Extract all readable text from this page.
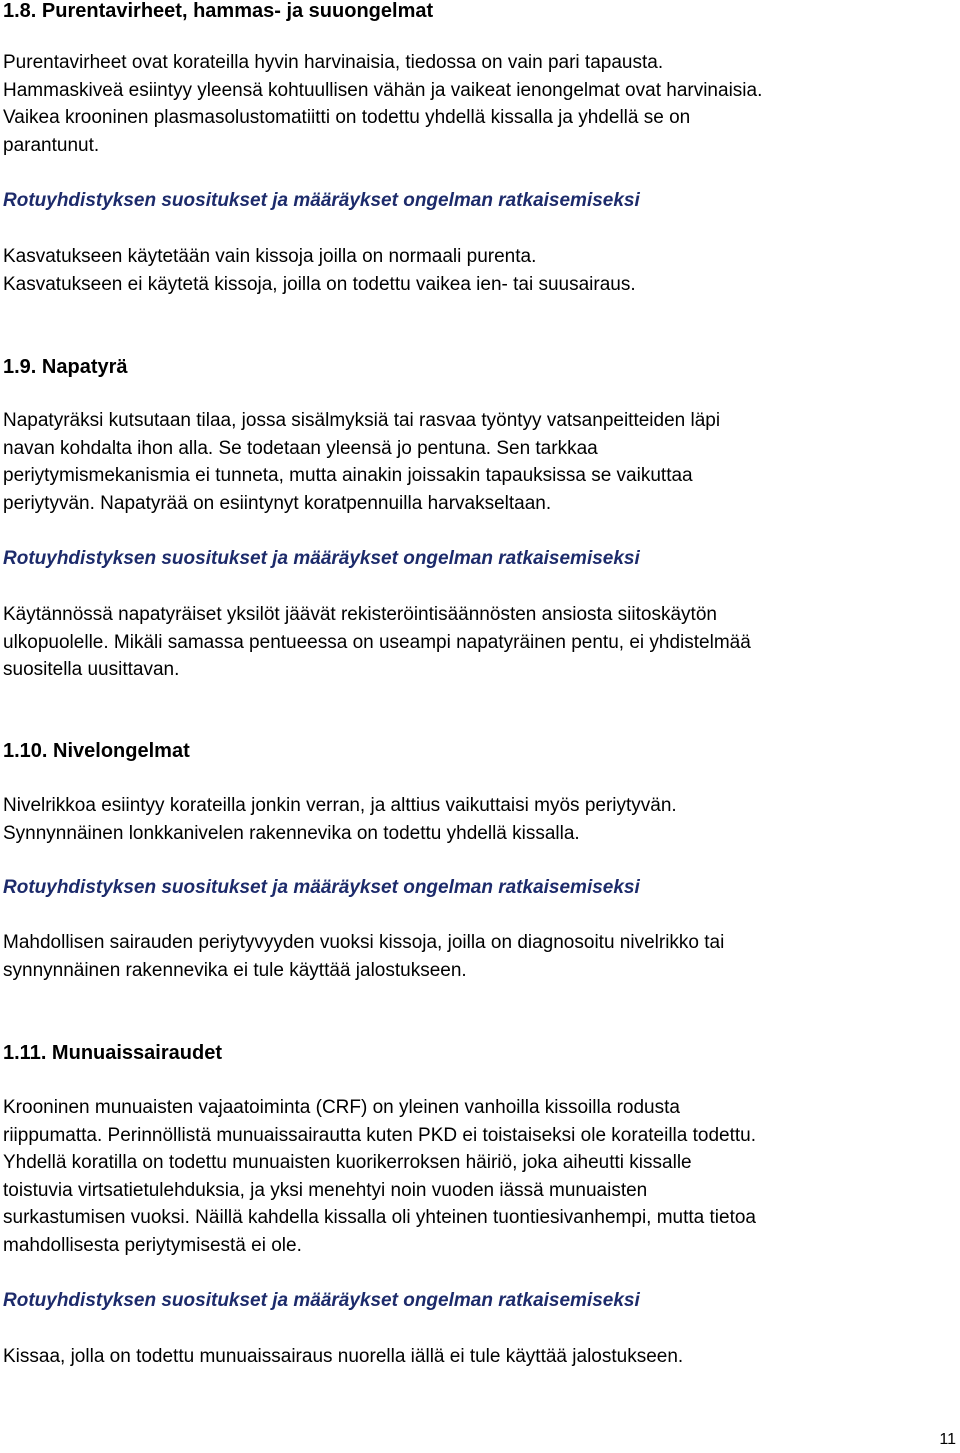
1.8. Purentavirheet, hammas- ja suuongelmat

Purentavirheet ovat korateilla hyvin harvinaisia, tiedossa on vain pari tapausta.

Hammaskiveä esiintyy yleensä kohtuullisen vähän ja vaikeat ienongelmat ovat harvinaisia.

Vaikea krooninen plasmasolustomatiitti on todettu yhdellä kissalla ja yhdellä se on

parantunut.

Rotuyhdistyksen suositukset ja määräykset ongelman ratkaisemiseksi

Kasvatukseen käytetään vain kissoja joilla on normaali purenta.

Kasvatukseen ei käytetä kissoja, joilla on todettu vaikea ien- tai suusairaus.

1.9. Napatyrä

Napatyräksi kutsutaan tilaa, jossa sisälmyksiä tai rasvaa työntyy vatsanpeitteiden läpi

navan kohdalta ihon alla. Se todetaan yleensä jo pentuna. Sen tarkkaa

periytymismekanismia ei tunneta, mutta ainakin joissakin tapauksissa se vaikuttaa

periytyvän. Napatyrää on esiintynyt koratpennuilla harvakseltaan.

Rotuyhdistyksen suositukset ja määräykset ongelman ratkaisemiseksi

Käytännössä napatyräiset yksilöt jäävät rekisteröintisäännösten ansiosta siitoskäytön

ulkopuolelle. Mikäli samassa pentueessa on useampi napatyräinen pentu, ei yhdistelmää

suositella uusittavan.

1.10. Nivelongelmat

Nivelrikkoa esiintyy korateilla jonkin verran, ja alttius vaikuttaisi myös periytyvän.

Synnynnäinen lonkkanivelen rakennevika on todettu yhdellä kissalla.

Rotuyhdistyksen suositukset ja määräykset ongelman ratkaisemiseksi

Mahdollisen sairauden periytyvyyden vuoksi kissoja, joilla on diagnosoitu nivelrikko tai

synnynnäinen rakennevika ei tule käyttää jalostukseen.

1.11. Munuaissairaudet

Krooninen munuaisten vajaatoiminta (CRF) on yleinen vanhoilla kissoilla rodusta

riippumatta. Perinnöllistä munuaissairautta kuten PKD ei toistaiseksi ole korateilla todettu.

Yhdellä koratilla on todettu munuaisten kuorikerroksen häiriö, joka aiheutti kissalle

toistuvia virtsatietulehduksia, ja yksi menehtyi noin vuoden iässä munuaisten

surkastumisen vuoksi. Näillä kahdella kissalla oli yhteinen tuontiesivanhempi, mutta tietoa

mahdollisesta periytymisestä ei ole.

Rotuyhdistyksen suositukset ja määräykset ongelman ratkaisemiseksi

Kissaa, jolla on todettu munuaissairaus nuorella iällä ei tule käyttää jalostukseen.

11
